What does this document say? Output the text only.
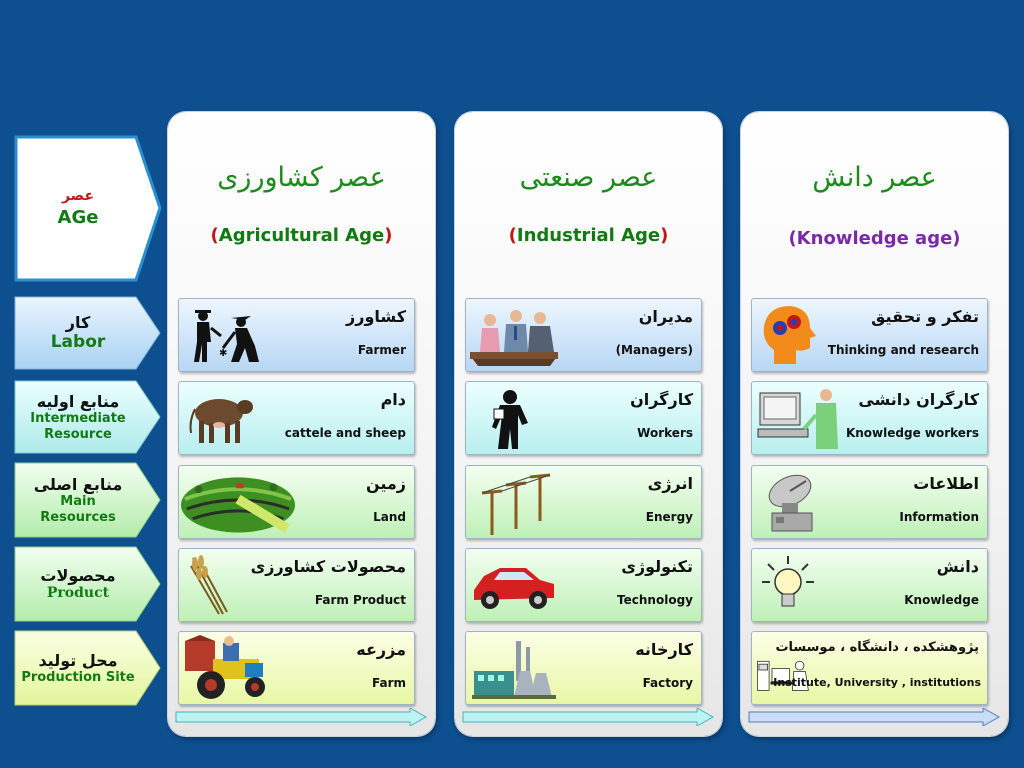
عصر
AGe
کار
Labor
منابع اولیه
Intermediate
Resource
منابع اصلی
Main
Resources
محصولات
Product
محل تولید
Production Site
عصر کشاورزی
(Agricultural Age)
✱
کشاورز
Farmer
دام
cattele and sheep
زمین
Land
محصولات کشاورزی
Farm Product
مزرعه
Farm
عصر صنعتی
(Industrial Age)
مدیران
(Managers)
کارگران
Workers
انرژی
Energy
تکنولوژی
Technology
کارخانه
Factory
عصر دانش
(Knowledge age)
تفکر و تحقیق
Thinking and research
کارگران دانشی
Knowledge workers
اطلاعات
Information
دانش
Knowledge
پژوهشکده ، دانشگاه ، موسسات
Institute, University , institutions
